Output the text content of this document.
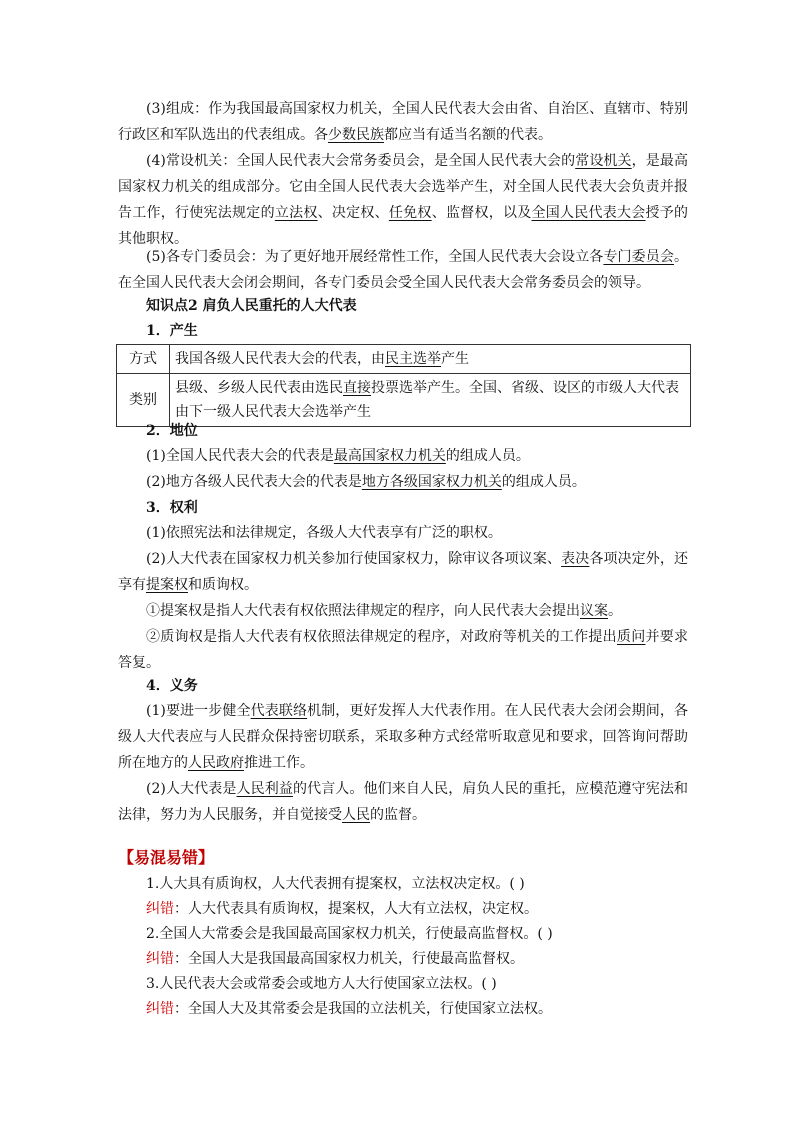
(3)组成：作为我国最高国家权力机关，全国人民代表大会由省、自治区、直辖市、特别行政区和军队选出的代表组成。各少数民族都应当有适当名额的代表。

(4)常设机关：全国人民代表大会常务委员会，是全国人民代表大会的常设机关，是最高国家权力机关的组成部分。它由全国人民代表大会选举产生，对全国人民代表大会负责并报告工作，行使宪法规定的立法权、决定权、任免权、监督权，以及全国人民代表大会授予的其他职权。

(5)各专门委员会：为了更好地开展经常性工作，全国人民代表大会设立各专门委员会。在全国人民代表大会闭会期间，各专门委员会受全国人民代表大会常务委员会的领导。

知识点2 肩负人民重托的人大代表

1．产生

方式	我国各级人民代表大会的代表，由民主选举产生
类别	县级、乡级人民代表由选民直接投票选举产生。全国、省级、设区的市级人大代表由下一级人民代表大会选举产生

2．地位

(1)全国人民代表大会的代表是最高国家权力机关的组成人员。

(2)地方各级人民代表大会的代表是地方各级国家权力机关的组成人员。

3．权利

(1)依照宪法和法律规定，各级人大代表享有广泛的职权。

(2)人大代表在国家权力机关参加行使国家权力，除审议各项议案、表决各项决定外，还享有提案权和质询权。

①提案权是指人大代表有权依照法律规定的程序，向人民代表大会提出议案。

②质询权是指人大代表有权依照法律规定的程序，对政府等机关的工作提出质问并要求答复。

4．义务

(1)要进一步健全代表联络机制，更好发挥人大代表作用。在人民代表大会闭会期间，各级人大代表应与人民群众保持密切联系，采取多种方式经常听取意见和要求，回答询问帮助所在地方的人民政府推进工作。

(2)人大代表是人民利益的代言人。他们来自人民，肩负人民的重托，应模范遵守宪法和法律，努力为人民服务，并自觉接受人民的监督。

【易混易错】

1.人大具有质询权，人大代表拥有提案权，立法权决定权。( )

纠错：人大代表具有质询权，提案权，人大有立法权，决定权。

2.全国人大常委会是我国最高国家权力机关，行使最高监督权。( )

纠错：全国人大是我国最高国家权力机关，行使最高监督权。

3.人民代表大会或常委会或地方人大行使国家立法权。( )

纠错：全国人大及其常委会是我国的立法机关，行使国家立法权。
